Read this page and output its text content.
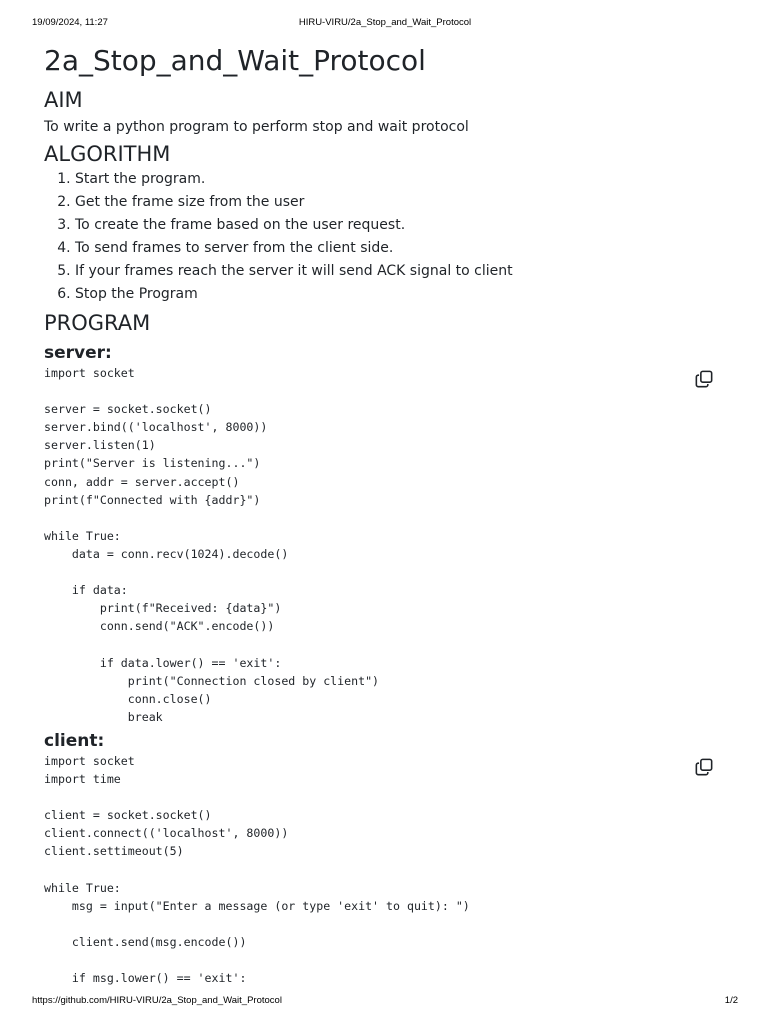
19/09/2024, 11:27	HIRU-VIRU/2a_Stop_and_Wait_Protocol
2a_Stop_and_Wait_Protocol
AIM

To write a python program to perform stop and wait protocol

ALGORITHM
1. Start the program.
2. Get the frame size from the user
3. To create the frame based on the user request.
4. To send frames to server from the client side.
5. If your frames reach the server it will send ACK signal to client
6. Stop the Program
PROGRAM
server:
import socket

server = socket.socket()
server.bind(('localhost', 8000))
server.listen(1)
print("Server is listening...")
conn, addr = server.accept()
print(f"Connected with {addr}")

while True:
data = conn.recv(1024).decode()

if data:
print(f"Received: {data}")
conn.send("ACK".encode())

if data.lower() == 'exit':
print("Connection closed by client")
conn.close()
break
client:
import socket
import time

client = socket.socket()
client.connect(('localhost', 8000))
client.settimeout(5)

while True:
msg = input("Enter a message (or type 'exit' to quit): ")

client.send(msg.encode())

if msg.lower() == 'exit':
https://github.com/HIRU-VIRU/2a_Stop_and_Wait_Protocol	1/2
